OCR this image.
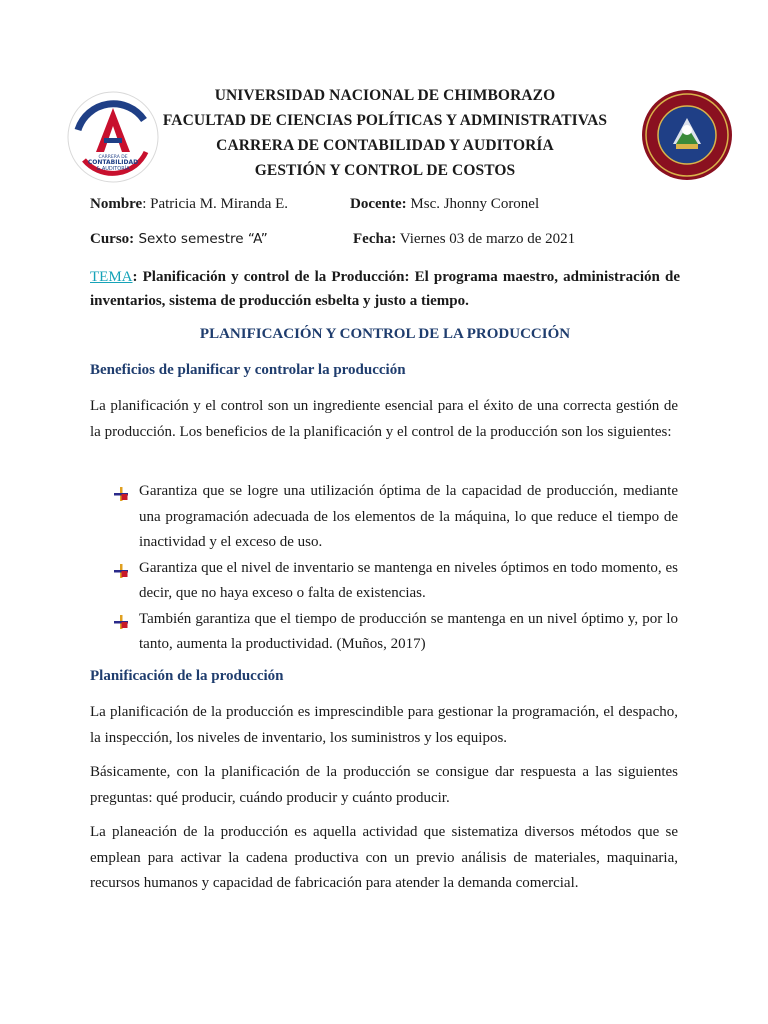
CARRERA DE
CONTABILIDAD
& AUDITORÍA
UNIVERSIDAD NACIONAL DE CHIMBORAZO
FACULTAD DE CIENCIAS POLÍTICAS Y ADMINISTRATIVAS
CARRERA DE CONTABILIDAD Y AUDITORÍA
GESTIÓN Y CONTROL DE COSTOS
Nombre: Patricia M. Miranda E.	Docente: Msc. Jhonny Coronel
Curso: Sexto semestre “A”	Fecha: Viernes 03 de marzo de 2021
TEMA: Planificación y control de la Producción: El programa maestro, administración de inventarios, sistema de producción esbelta y justo a tiempo.
PLANIFICACIÓN Y CONTROL DE LA PRODUCCIÓN
Beneficios de planificar y controlar la producción
La planificación y el control son un ingrediente esencial para el éxito de una correcta gestión de la producción. Los beneficios de la planificación y el control de la producción son los siguientes:
Garantiza que se logre una utilización óptima de la capacidad de producción, mediante una programación adecuada de los elementos de la máquina, lo que reduce el tiempo de inactividad y el exceso de uso.
Garantiza que el nivel de inventario se mantenga en niveles óptimos en todo momento, es decir, que no haya exceso o falta de existencias.
También garantiza que el tiempo de producción se mantenga en un nivel óptimo y, por lo tanto, aumenta la productividad. (Muños, 2017)
Planificación de la producción
La planificación de la producción es imprescindible para gestionar la programación, el despacho, la inspección, los niveles de inventario, los suministros y los equipos.
Básicamente, con la planificación de la producción se consigue dar respuesta a las siguientes preguntas: qué producir, cuándo producir y cuánto producir.
La planeación de la producción es aquella actividad que sistematiza diversos métodos que se emplean para activar la cadena productiva con un previo análisis de materiales, maquinaria, recursos humanos y capacidad de fabricación para atender la demanda comercial.
